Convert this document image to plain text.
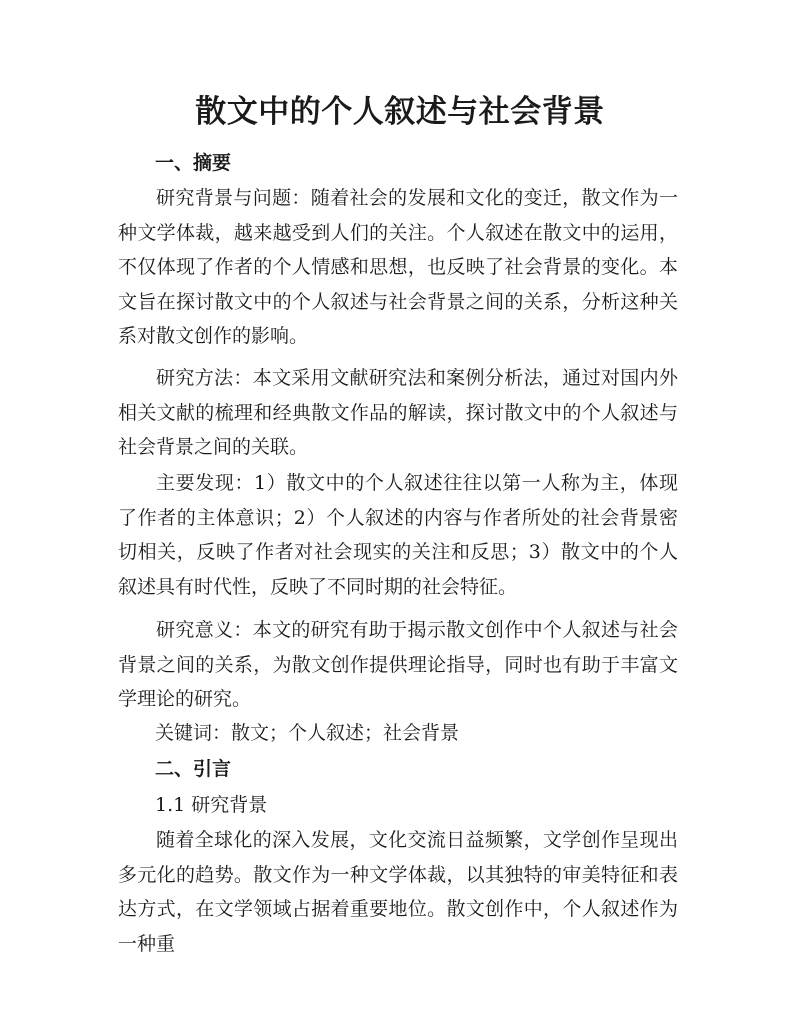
散文中的个人叙述与社会背景
一、摘要

研究背景与问题：随着社会的发展和文化的变迁，散文作为一种文学体裁，越来越受到人们的关注。个人叙述在散文中的运用，不仅体现了作者的个人情感和思想，也反映了社会背景的变化。本文旨在探讨散文中的个人叙述与社会背景之间的关系，分析这种关系对散文创作的影响。

研究方法：本文采用文献研究法和案例分析法，通过对国内外相关文献的梳理和经典散文作品的解读，探讨散文中的个人叙述与社会背景之间的关联。

主要发现：1）散文中的个人叙述往往以第一人称为主，体现了作者的主体意识；2）个人叙述的内容与作者所处的社会背景密切相关，反映了作者对社会现实的关注和反思；3）散文中的个人叙述具有时代性，反映了不同时期的社会特征。

研究意义：本文的研究有助于揭示散文创作中个人叙述与社会背景之间的关系，为散文创作提供理论指导，同时也有助于丰富文学理论的研究。

关键词：散文；个人叙述；社会背景

二、引言

1.1 研究背景

随着全球化的深入发展，文化交流日益频繁，文学创作呈现出多元化的趋势。散文作为一种文学体裁，以其独特的审美特征和表达方式，在文学领域占据着重要地位。散文创作中，个人叙述作为一种重
